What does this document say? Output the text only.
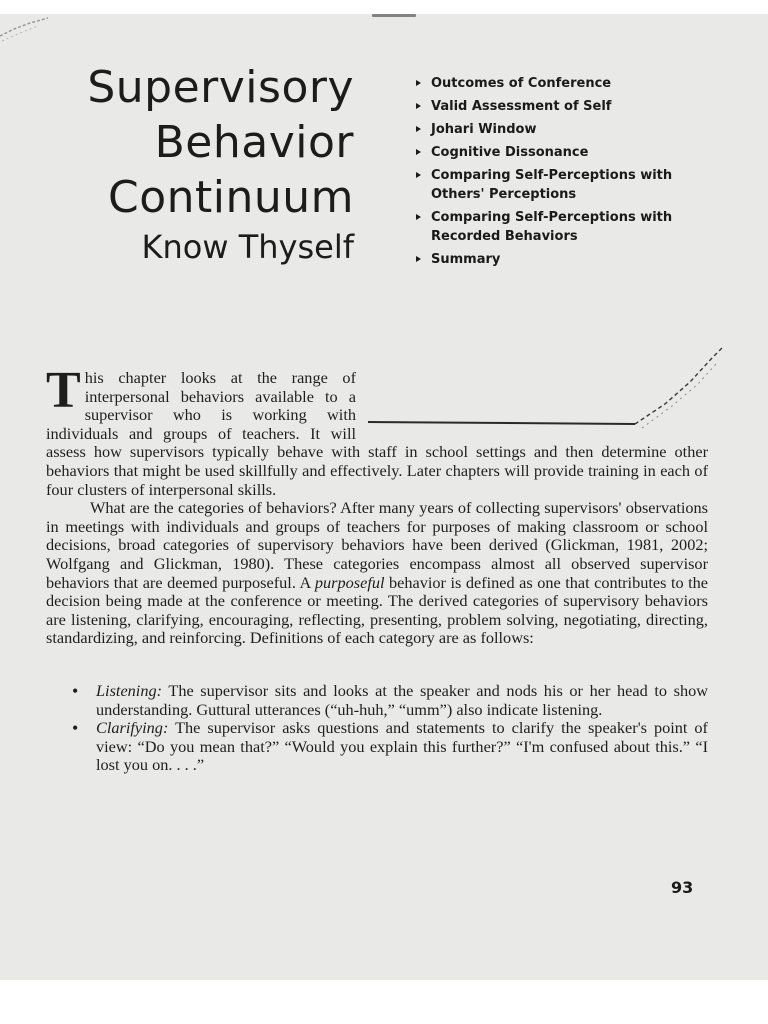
Supervisory
Behavior
Continuum
Know Thyself
Outcomes of Conference
Valid Assessment of Self
Johari Window
Cognitive Dissonance
Comparing Self-Perceptions with Others' Perceptions
Comparing Self-Perceptions with Recorded Behaviors
Summary

This chapter looks at the range of interpersonal behaviors available to a supervisor who is working with individuals and groups of teachers. It will assess how supervisors typically behave with staff in school settings and then determine other behaviors that might be used skillfully and effectively. Later chapters will provide training in each of four clusters of interpersonal skills.

What are the categories of behaviors? After many years of collecting supervisors' observations in meetings with individuals and groups of teachers for purposes of making classroom or school decisions, broad categories of supervisory behaviors have been derived (Glickman, 1981, 2002; Wolfgang and Glickman, 1980). These categories encompass almost all observed supervisor behaviors that are deemed purposeful. A purposeful behavior is defined as one that contributes to the decision being made at the conference or meeting. The derived categories of supervisory behaviors are listening, clarifying, encouraging, reflecting, presenting, problem solving, negotiating, directing, standardizing, and reinforcing. Definitions of each category are as follows:

• Listening: The supervisor sits and looks at the speaker and nods his or her head to show understanding. Guttural utterances (“uh-huh,” “umm”) also indicate listening.
• Clarifying: The supervisor asks questions and statements to clarify the speaker's point of view: “Do you mean that?” “Would you explain this further?” “I'm confused about this.” “I lost you on. . . .”
93
